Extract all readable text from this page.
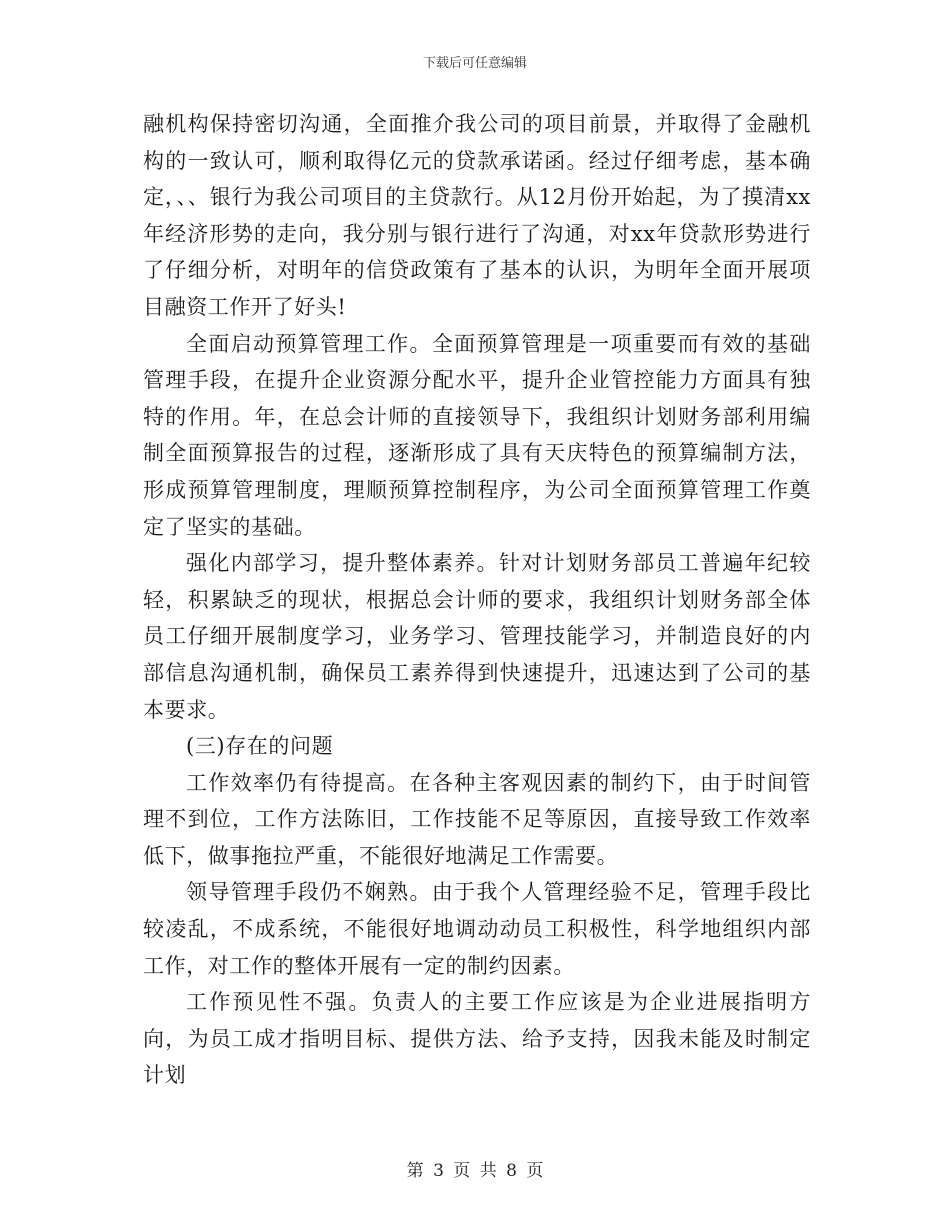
下载后可任意编辑

融机构保持密切沟通，全面推介我公司的项目前景，并取得了金融机构的一致认可，顺利取得亿元的贷款承诺函。经过仔细考虑，基本确定，、、银行为我公司项目的主贷款行。从12月份开始起，为了摸清xx年经济形势的走向，我分别与银行进行了沟通，对xx年贷款形势进行了仔细分析，对明年的信贷政策有了基本的认识，为明年全面开展项目融资工作开了好头!

全面启动预算管理工作。全面预算管理是一项重要而有效的基础管理手段，在提升企业资源分配水平，提升企业管控能力方面具有独特的作用。年，在总会计师的直接领导下，我组织计划财务部利用编制全面预算报告的过程，逐渐形成了具有天庆特色的预算编制方法，形成预算管理制度，理顺预算控制程序，为公司全面预算管理工作奠定了坚实的基础。

强化内部学习，提升整体素养。针对计划财务部员工普遍年纪较轻，积累缺乏的现状，根据总会计师的要求，我组织计划财务部全体员工仔细开展制度学习，业务学习、管理技能学习，并制造良好的内部信息沟通机制，确保员工素养得到快速提升，迅速达到了公司的基本要求。

(三)存在的问题

工作效率仍有待提高。在各种主客观因素的制约下，由于时间管理不到位，工作方法陈旧，工作技能不足等原因，直接导致工作效率低下，做事拖拉严重，不能很好地满足工作需要。

领导管理手段仍不娴熟。由于我个人管理经验不足，管理手段比较凌乱，不成系统，不能很好地调动动员工积极性，科学地组织内部工作，对工作的整体开展有一定的制约因素。

工作预见性不强。负责人的主要工作应该是为企业进展指明方向，为员工成才指明目标、提供方法、给予支持，因我未能及时制定计划

第 3 页 共 8 页
